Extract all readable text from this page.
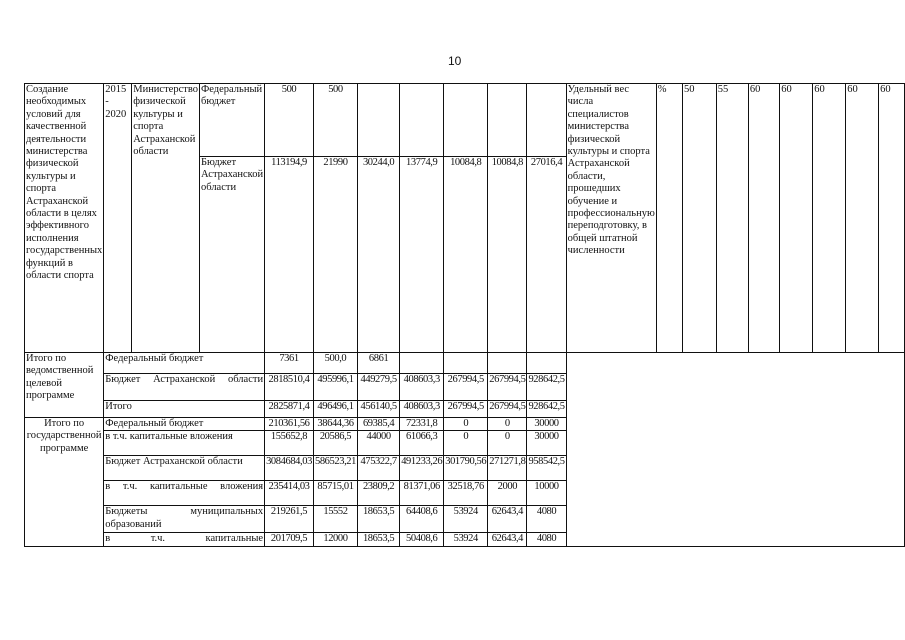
10
Создание необходимых условий для качественной деятельности министерства физической культуры и спорта Астраханской области в целях эффективного исполнения государственных функций в области спорта	2015 - 2020	Министерство физической культуры и спорта Астраханской области	Федеральный бюджет	500	500						Удельный вес числа специалистов министерства физической культуры и спорта Астраханской области, прошедших обучение и профессиональную переподготовку, в общей штатной численности	%	50	55	60	60	60	60	60
			Бюджет Астраханской области	113194,9	21990	30244,0	13774,9	10084,8	10084,8	27016,4									
Итого по ведомственной целевой программе	Федеральный бюджет			7361	500,0	6861													
	Бюджет Астраханской области			2818510,4	495996,1	449279,5	408603,3	267994,5	267994,5	928642,5									
	Итого			2825871,4	496496,1	456140,5	408603,3	267994,5	267994,5	928642,5									
Итого по государственной программе	Федеральный бюджет			210361,56	38644,36	69385,4	72331,8	0	0	30000									
	в т.ч. капитальные вложения			155652,8	20586,5	44000	61066,3	0	0	30000									
	Бюджет Астраханской области			3084684,03	586523,21	475322,7	491233,26	301790,56	271271,8	958542,5									
	в т.ч. капитальные вложения			235414,03	85715,01	23809,2	81371,06	32518,76	2000	10000									
	Бюджеты муниципальных образований			219261,5	15552	18653,5	64408,6	53924	62643,4	4080									
	в т.ч. капитальные			201709,5	12000	18653,5	50408,6	53924	62643,4	4080									
